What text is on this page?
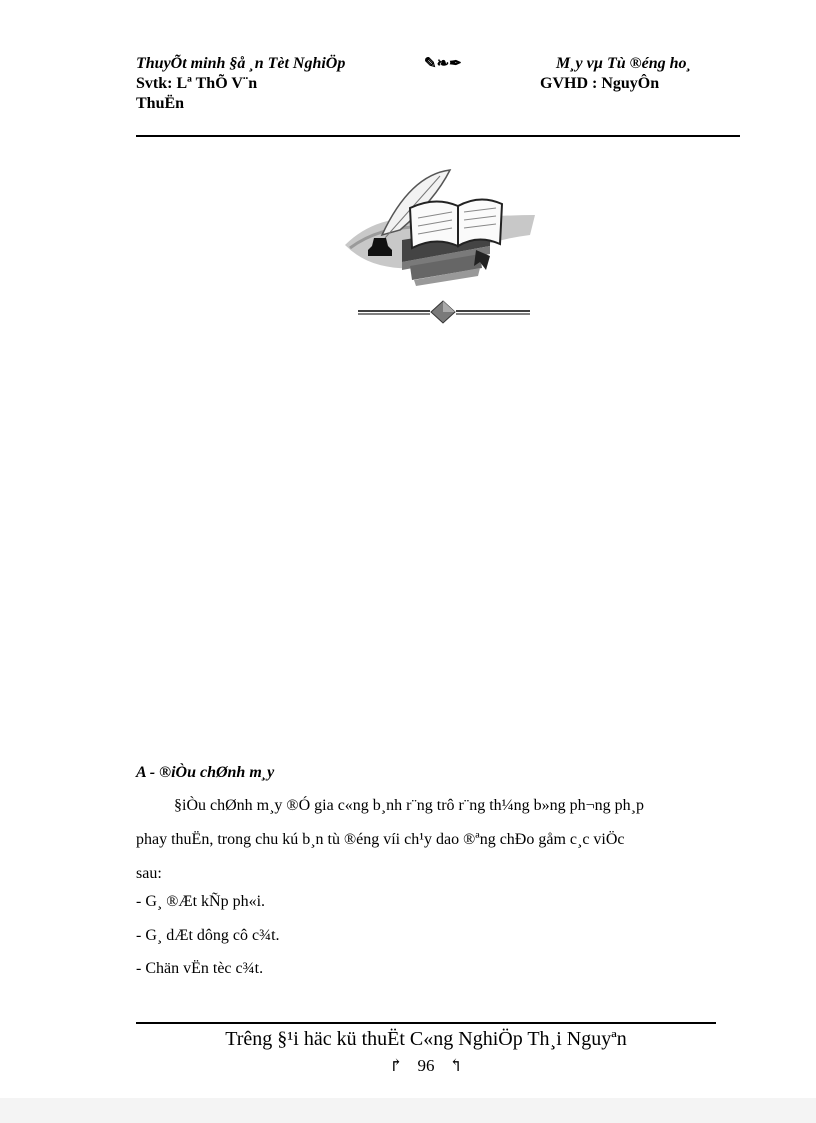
ThuyÕt minh §å ¸n Tèt NghiÖp	✎❧✒	M¸y vµ Tù ®éng ho¸
Svtk: Lª ThÕ V¨n	GVHD : NguyÔn
ThuËn
A - ®iÒu chØnh m¸y
§iÒu chØnh m¸y ®Ó gia c«ng b¸nh r¨ng trô r¨ng th¼ng b»ng ph¬ng ph¸p
phay thuËn, trong chu kú b¸n tù ®éng víi ch¹y dao ®ªng chÐo gåm c¸c viÖc
sau:
- G¸ ®Æt kÑp ph«i.
- G¸ dÆt dông cô c¾t.
- Chän vËn tèc c¾t.
Trêng §¹i häc kü thuËt C«ng NghiÖp Th¸i Nguyªn
↱ 96 ↰
